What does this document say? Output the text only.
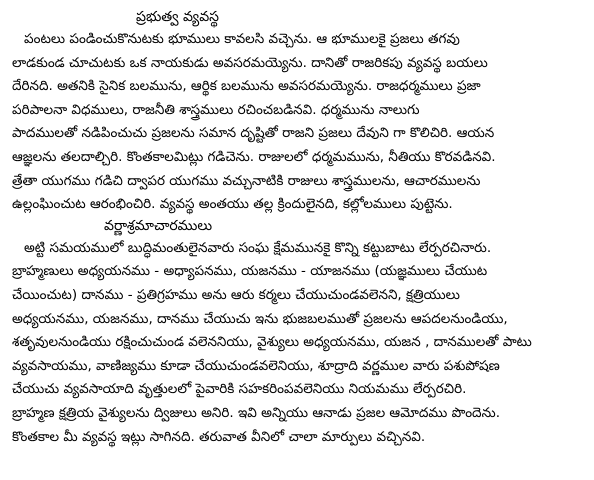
ప్రభుత్వ వ్యవస్థ
పంటలు పండించుకొనుటకు భూములు కావలసి వచ్చెను. ఆ భూములకై ప్రజలు తగవు
లాడకుండ చూచుటకు ఒక నాయకుడు అవసరమయ్యెను. దానితో రాజరికపు వ్యవస్థ బయలు
దేరినది. అతనికి సైనిక బలమును, ఆర్థిక బలమును అవసరమయ్యెను. రాజధర్మములు ప్రజా
పరిపాలనా విధములు, రాజనీతి శాస్త్రములు రచించబడినవి. ధర్మమును నాలుగు
పాదములతో నడిపించుచు ప్రజలను సమాన దృష్టితో రాజని ప్రజలు దేవుని గా కొలిచిరి. ఆయన
ఆజ్ఞలను తలదాల్చిరి. కొంతకాలమిట్లు గడిచెను. రాజులలో ధర్మమమును, నీతియు కొరవడినవి.
త్రేతా యుగము గడిచి ద్వాపర యుగము వచ్చునాటికి రాజులు శాస్త్రములను, ఆచారములను
ఉల్లంఘించుట ఆరంభించిరి. వ్యవస్థ అంతయు తల్ల క్రిందులైనది, కల్లోలములు పుట్టెను.
వర్ణాశ్రమాచారములు
అట్టి సమయములో బుద్ధిమంతులైనవారు సంఘ క్షేమమునకై కొన్ని కట్టుబాటు లేర్పరచినారు.
బ్రాహ్మణులు అధ్యయనము - అధ్యాపనము, యజనము - యాజనము (యజ్ఞములు చేయుట
చేయించుట) దానము - ప్రతిగ్రహము అను ఆరు కర్మలు చేయుచుండవలెనని, క్షత్రియులు
అధ్యయనము, యజనము, దానము చేయుచు ఇను భుజబలముతో ప్రజలను ఆపదలనుండియు,
శతృవులనుండియు రక్షించుచుండ వలెననియు, వైశ్యులు అధ్యయనము, యజన , దానములతో పాటు
వ్యవసాయము, వాణిజ్యము కూడా చేయుచుండవలెనియు, శూద్రాది వర్ణముల వారు పశుపోషణ
చేయుచు వ్యవసాయాది వృత్తులలో పైవారికి సహకరింపవలెనియు నియమము లేర్పరచిరి.
బ్రాహ్మణ క్షత్రియ వైశ్యులను ద్విజులు అనిరి. ఇవి అన్నియు ఆనాడు ప్రజల ఆమోదము పొందెను.
కొంతకాల మీ వ్యవస్థ ఇట్లు సాగినది. తరువాత వీనిలో చాలా మార్పులు వచ్చినవి.
